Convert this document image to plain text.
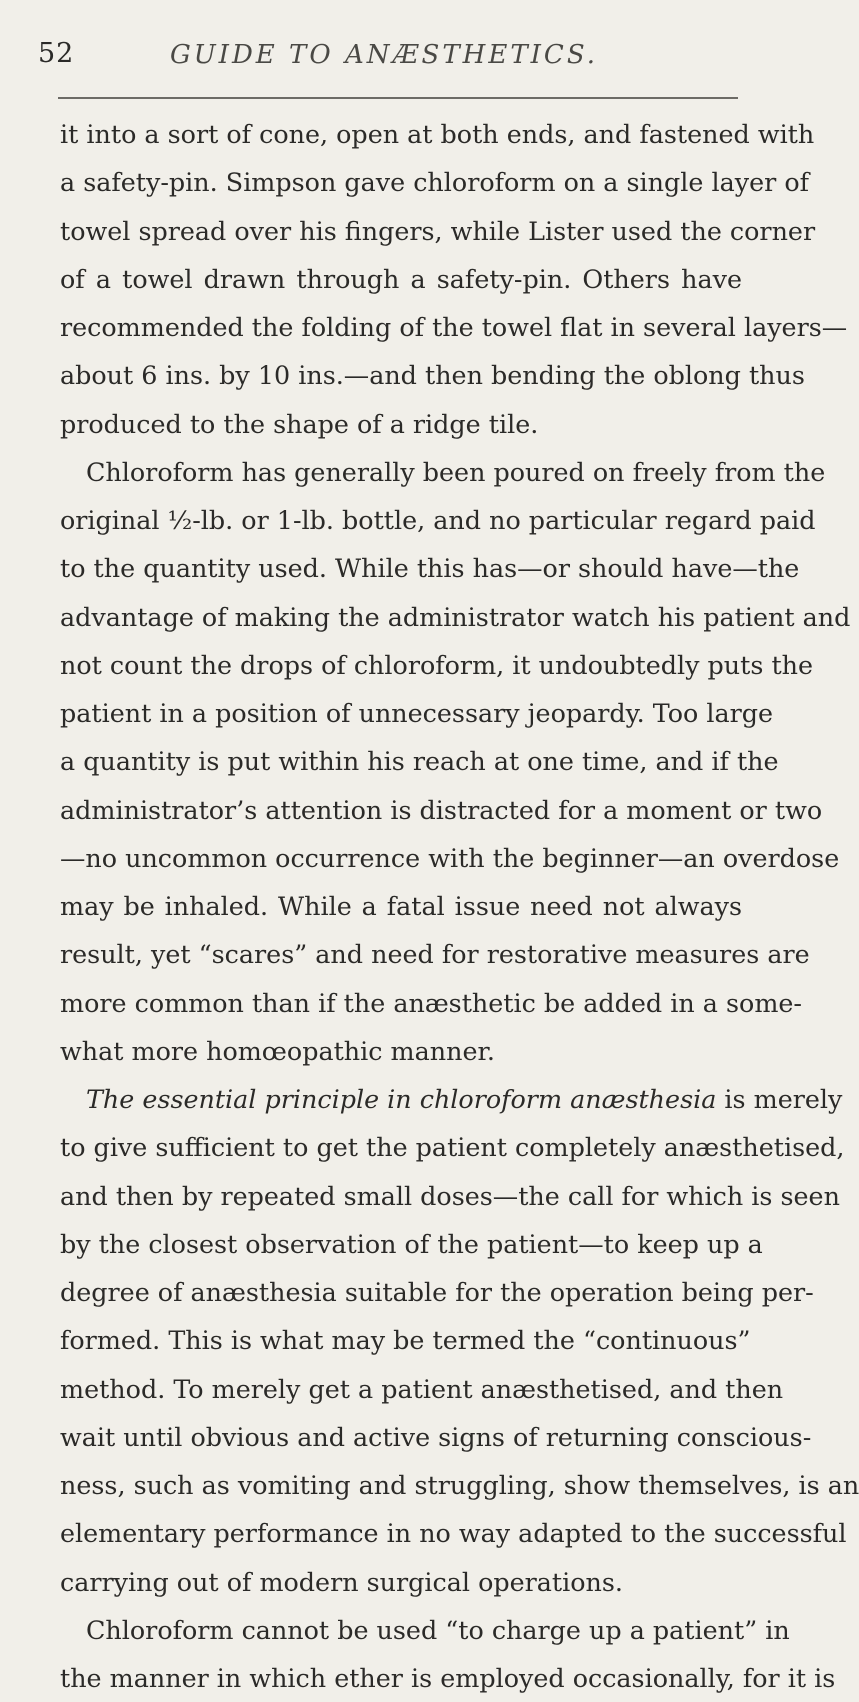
52	GUIDE TO ANÆSTHETICS.
it into a sort of cone, open at both ends, and fastened with
a safety-pin. Simpson gave chloroform on a single layer of
towel spread over his fingers, while Lister used the corner
of a towel drawn through a safety-pin. Others have
recommended the folding of the towel flat in several layers—
about 6 ins. by 10 ins.—and then bending the oblong thus
produced to the shape of a ridge tile.
Chloroform has generally been poured on freely from the
original ½-lb. or 1-lb. bottle, and no particular regard paid
to the quantity used. While this has—or should have—the
advantage of making the administrator watch his patient and
not count the drops of chloroform, it undoubtedly puts the
patient in a position of unnecessary jeopardy. Too large
a quantity is put within his reach at one time, and if the
administrator’s attention is distracted for a moment or two
—no uncommon occurrence with the beginner—an overdose
may be inhaled. While a fatal issue need not always
result, yet “scares” and need for restorative measures are
more common than if the anæsthetic be added in a some-
what more homœopathic manner.
The essential principle in chloroform anæsthesia is merely
to give sufficient to get the patient completely anæsthetised,
and then by repeated small doses—the call for which is seen
by the closest observation of the patient—to keep up a
degree of anæsthesia suitable for the operation being per-
formed. This is what may be termed the “continuous”
method. To merely get a patient anæsthetised, and then
wait until obvious and active signs of returning conscious-
ness, such as vomiting and struggling, show themselves, is an
elementary performance in no way adapted to the successful
carrying out of modern surgical operations.
Chloroform cannot be used “to charge up a patient” in
the manner in which ether is employed occasionally, for it is
